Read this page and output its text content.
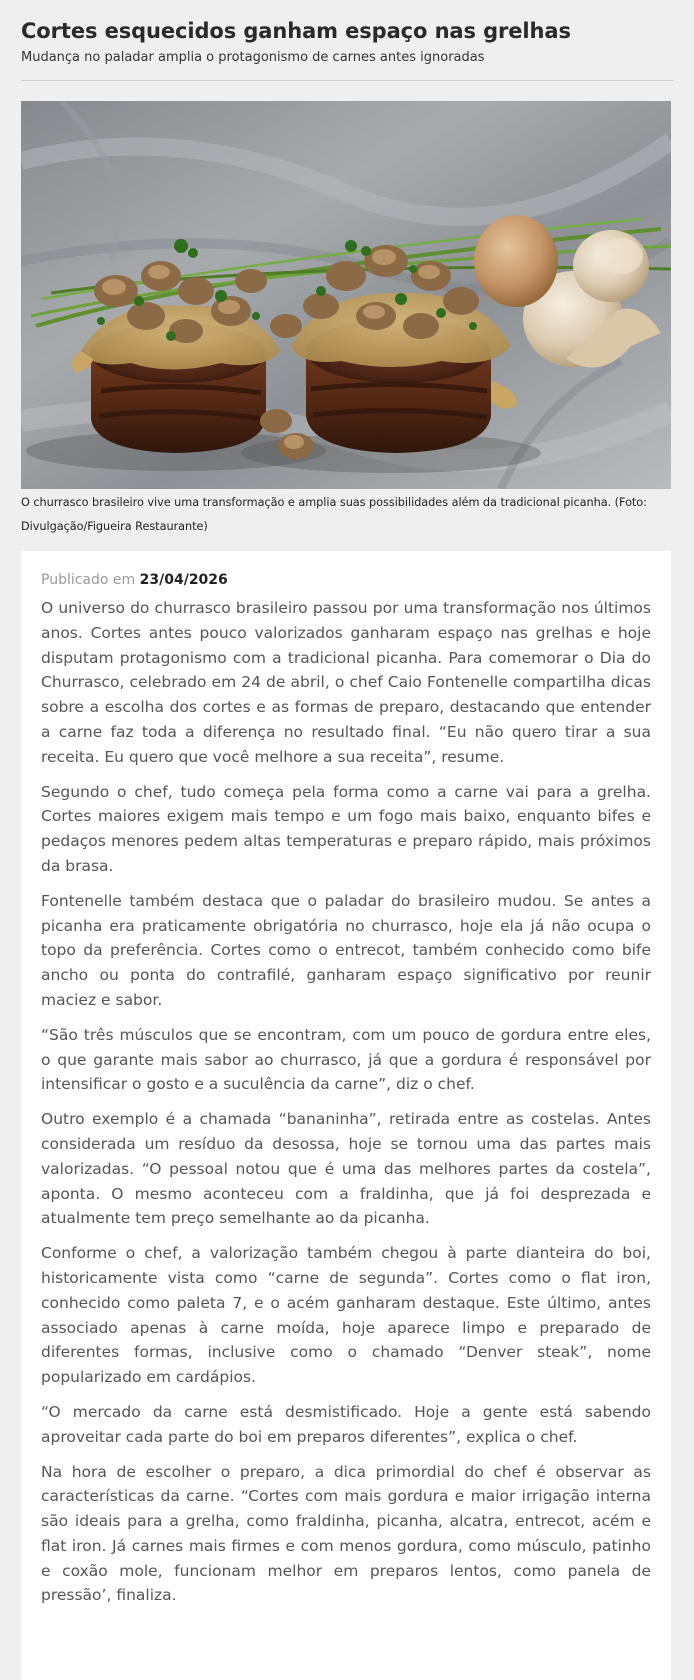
Cortes esquecidos ganham espaço nas grelhas

Mudança no paladar amplia o protagonismo de carnes antes ignoradas

O churrasco brasileiro vive uma transformação e amplia suas possibilidades além da tradicional picanha. (Foto: Divulgação/Figueira Restaurante)

Publicado em 23/04/2026

O universo do churrasco brasileiro passou por uma transformação nos últimos anos. Cortes antes pouco valorizados ganharam espaço nas grelhas e hoje disputam protagonismo com a tradicional picanha. Para comemorar o Dia do Churrasco, celebrado em 24 de abril, o chef Caio Fontenelle compartilha dicas sobre a escolha dos cortes e as formas de preparo, destacando que entender a carne faz toda a diferença no resultado final. “Eu não quero tirar a sua receita. Eu quero que você melhore a sua receita”, resume.

Segundo o chef, tudo começa pela forma como a carne vai para a grelha. Cortes maiores exigem mais tempo e um fogo mais baixo, enquanto bifes e pedaços menores pedem altas temperaturas e preparo rápido, mais próximos da brasa.

Fontenelle também destaca que o paladar do brasileiro mudou. Se antes a picanha era praticamente obrigatória no churrasco, hoje ela já não ocupa o topo da preferência. Cortes como o entrecot, também conhecido como bife ancho ou ponta do contrafilé, ganharam espaço significativo por reunir maciez e sabor.

“São três músculos que se encontram, com um pouco de gordura entre eles, o que garante mais sabor ao churrasco, já que a gordura é responsável por intensificar o gosto e a suculência da carne”, diz o chef.

Outro exemplo é a chamada “bananinha”, retirada entre as costelas. Antes considerada um resíduo da desossa, hoje se tornou uma das partes mais valorizadas. “O pessoal notou que é uma das melhores partes da costela”, aponta. O mesmo aconteceu com a fraldinha, que já foi desprezada e atualmente tem preço semelhante ao da picanha.

Conforme o chef, a valorização também chegou à parte dianteira do boi, historicamente vista como “carne de segunda”. Cortes como o flat iron, conhecido como paleta 7, e o acém ganharam destaque. Este último, antes associado apenas à carne moída, hoje aparece limpo e preparado de diferentes formas, inclusive como o chamado “Denver steak”, nome popularizado em cardápios.

“O mercado da carne está desmistificado. Hoje a gente está sabendo aproveitar cada parte do boi em preparos diferentes”, explica o chef.

Na hora de escolher o preparo, a dica primordial do chef é observar as características da carne. “Cortes com mais gordura e maior irrigação interna são ideais para a grelha, como fraldinha, picanha, alcatra, entrecot, acém e flat iron. Já carnes mais firmes e com menos gordura, como músculo, patinho e coxão mole, funcionam melhor em preparos lentos, como panela de pressão’, finaliza.
